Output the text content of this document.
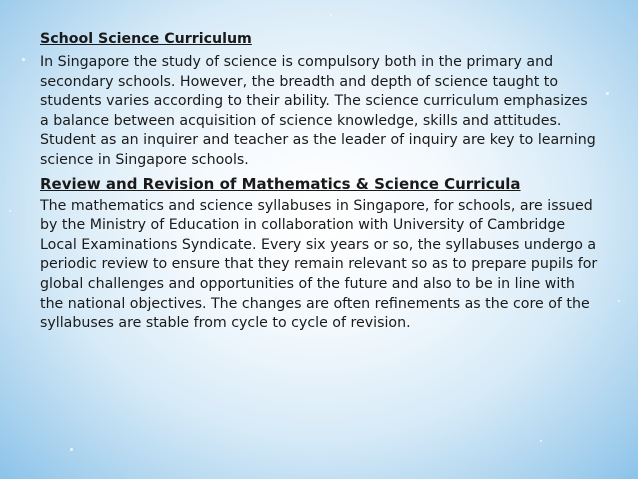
School Science Curriculum

In Singapore the study of science is compulsory both in the primary and secondary schools. However, the breadth and depth of science taught to students varies according to their ability. The science curriculum emphasizes a balance between acquisition of science knowledge, skills and attitudes. Student as an inquirer and teacher as the leader of inquiry are key to learning science in Singapore schools.

Review and Revision of Mathematics & Science Curricula

The mathematics and science syllabuses in Singapore, for schools, are issued by the Ministry of Education in collaboration with University of Cambridge Local Examinations Syndicate. Every six years or so, the syllabuses undergo a periodic review to ensure that they remain relevant so as to prepare pupils for global challenges and opportunities of the future and also to be in line with the national objectives. The changes are often refinements as the core of the syllabuses are stable from cycle to cycle of revision.
